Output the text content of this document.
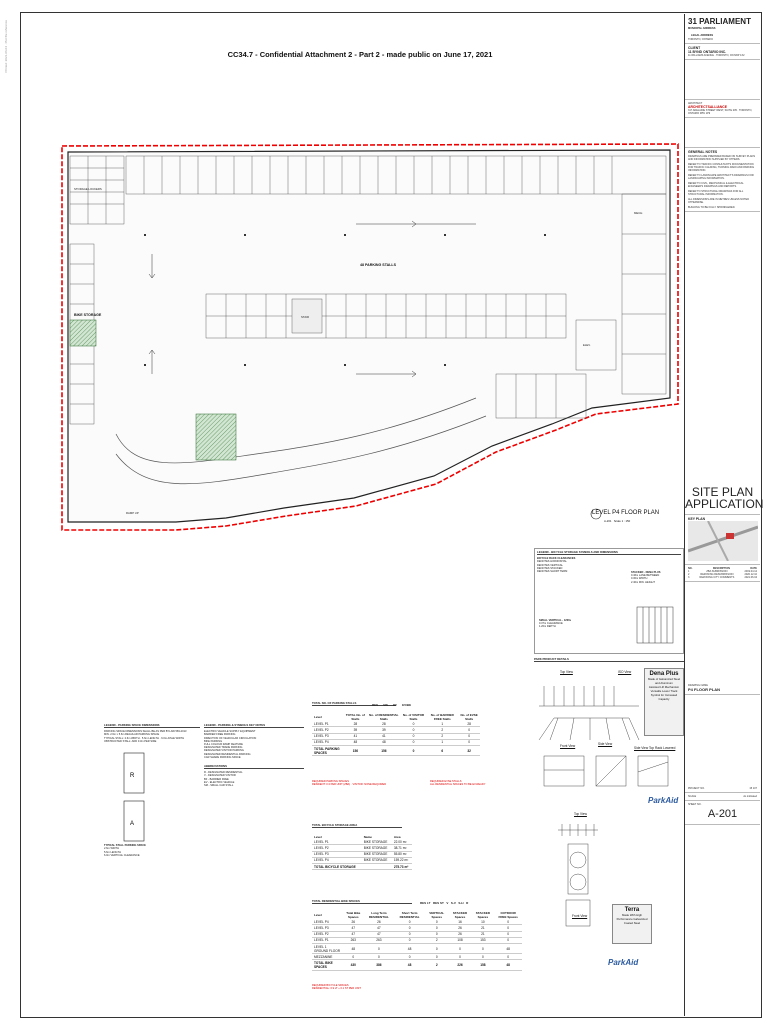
Printed: 2021-06-04 · Plot file reference	CC34.7 - Confidential Attachment 2 - Part 2 - made public on June 17, 2021
48 PARKING STALLS
BIKE STORAGE
STORAGE LOCKERS
RAMP UP
STAIR
ELEV.
MECH.
LEVEL P4 FLOOR PLAN
A-201 Scale 1 : 150
LEGEND - PARKING SPACE DIMENSIONS
PARKING SPACE DIMENSIONS SHALL BE AS PER BYLAW 569-2013
MIN. 2.6m x 5.6m REGULAR PARKING SPACE
TYPICAL STALL: 2.6m WIDTH · 5.6m LENGTH · 6.0m AISLE WIDTH
OBSTRUCTED STALL: ADD 0.3m PER SIDE
R
A
TYPICAL STALL PARKING SPACE
2.6m WIDTH
5.6m LENGTH
6.0m VERTICAL CLEARANCE
LEGEND - PARKING & SYMBOLS KEY NOTES
ELECTRIC VEHICLE SUPPLY EQUIPMENT
BARRIER FREE PARKING
DIRECTION OF VEHICULAR CIRCULATION
BIKE PARKING
FULL COLOUR RAMP FEATURE
DESIGNATED TRADE PARKING
DESIGNATED VISITOR PARKING
DESIGNATED RESIDENTIAL PARKING
CAR SHARE PARKING SPACE
ABBREVIATIONS
R - DESIGNATED RESIDENTIAL
V - DESIGNATED VISITOR
BF - BARRIER FREE
EV - ELECTRIC VEHICLE
SM - SMALL CAR STALL
TOTAL NO. OF PARKING STALLS
Level	TOTAL No. of Stalls	No. of RESIDENTIAL Stalls	No. of VISITOR Stalls	No. of BARRIER FREE Stalls	No. of EVSE Stalls
LEVEL P1	28	28	0	1	28
LEVEL P2	39	39	0	2	0
LEVEL P3	41	41	0	2	0
LEVEL P4	48	48	0	1	0
TOTAL PARKING SPACES	156	156	0	6	32
RES VIS BF EV/BE
REQUIRED PARKING SPACES
RESIDENT: 0.3 PER UNIT (ZBA) · VISITOR: NONE REQUIRED
REQUIRED EVSE STALLS
ALL RESIDENTIAL SPACES TO BE EV-READY
TOTAL BICYCLE STORAGE AREA
Level	Name	Area
LEVEL P1	BIKE STORAGE	22.00 m²
LEVEL P2	BIKE STORAGE	38.71 m²
LEVEL P3	BIKE STORAGE	55.80 m²
LEVEL P4	BIKE STORAGE	159.22 m²
TOTAL BICYCLE STORAGE		275.73 m²
TOTAL RESIDENTIAL BIKE SPACES
Level	Total Bike Spaces	Long Term RESIDENTIAL	Short Term RESIDENTIAL	VERTICAL Spaces	STACKED Spaces	STACKED Spaces	OUTDOOR FREE Spaces
LEVEL P4	26	26	0	0	16	10	0
LEVEL P3	47	47	0	0	26	21	0
LEVEL P2	47	47	0	0	26	21	0
LEVEL P1	263	263	0	2	108	153	0
LEVEL 1 GROUND FLOOR	48	0	48	0	0	0	48
MEZZANINE	0	0	0	0	0	0	0
TOTAL BIKE SPACES	430	386	48	2	226	158	48
RES LT RES ST V S-V S-H R
REQUIRED BICYCLE SPACES
RESIDENTIAL: 0.9 LT + 0.1 ST PER UNIT
LEGEND - BICYCLE STORAGE SYMBOLS AND DIMENSIONS
BICYCLE RACK CLEARANCES
DENOTES HORIZONTAL
DENOTES VERTICAL
DENOTES STACKED
DENOTES SHORT TERM	STACKED - DENA PLUS
0.46m LANE BETWEEN
0.30m WIDTH
2.40m MIN. HEIGHT
SMALL VERTICAL - 1200s
0.37m CLEARANCE
1.20m DEPTH
PARK PRODUCT DETAILS
Top View	ISO View	Dena Plus
Made of Galvanized Steel
and Aluminum
Assisted Lift Mechanism
Versatile Lower Track
Symbol for Increased Capacity
Front View	Side View
Side View Top Rack Lowered
ParkAid
Top View
Front View
Terra
Made With High
Performance Galvanized
Coated Steel
ParkAid
31 PARLIAMENT
MUNICIPAL ADDRESS
LEGAL ADDRESS
TORONTO, ONTARIO
CLIENT
11 BYND ONTARIO INC.
11 WILLIAMS AVENUE · TORONTO, ON M6P 1X2
ARCHITECT
ARCHITECTSALLIANCE
317 ADELAIDE STREET WEST, SUITE 205 · TORONTO, ONTARIO M5V 1P9
GENERAL NOTES
DRAWINGS ARE PREPARED BASED ON SURVEY PLANS AND INFORMATION SUPPLIED BY OTHERS.
REFER TO TRAFFIC CONSULTANT'S DOCUMENTATION FOR TRAFFIC CALMING, TURNING RADII AND PARKING INFORMATION.
REFER TO LANDSCAPE ARCHITECT'S DRAWINGS FOR LANDSCAPING INFORMATION.
REFER TO CIVIL, MECHANICAL & ELECTRICAL ENGINEER'S DRAWINGS AND REPORTS.
REFER TO STRUCTURAL DRAWINGS FOR ALL STRUCTURAL INFORMATION.
ALL DIMENSIONS ARE IN METRES UNLESS NOTED OTHERWISE.
BUILDING TO BE FULLY SPRINKLERED.
SITE PLAN APPLICATION
KEY PLAN
NO.	DESCRIPTION	DATE
1	ZBA SUBMISSION	2019.04.12
2	REZONING RESUBMISSION	2020.12.10
3	REZONING CITY COMMENTS	2021.06.04
DRAWING NAME
P4 FLOOR PLAN
PROJECT NO.	15 107
SCALE	As indicated
SHEET NO.
A-201
